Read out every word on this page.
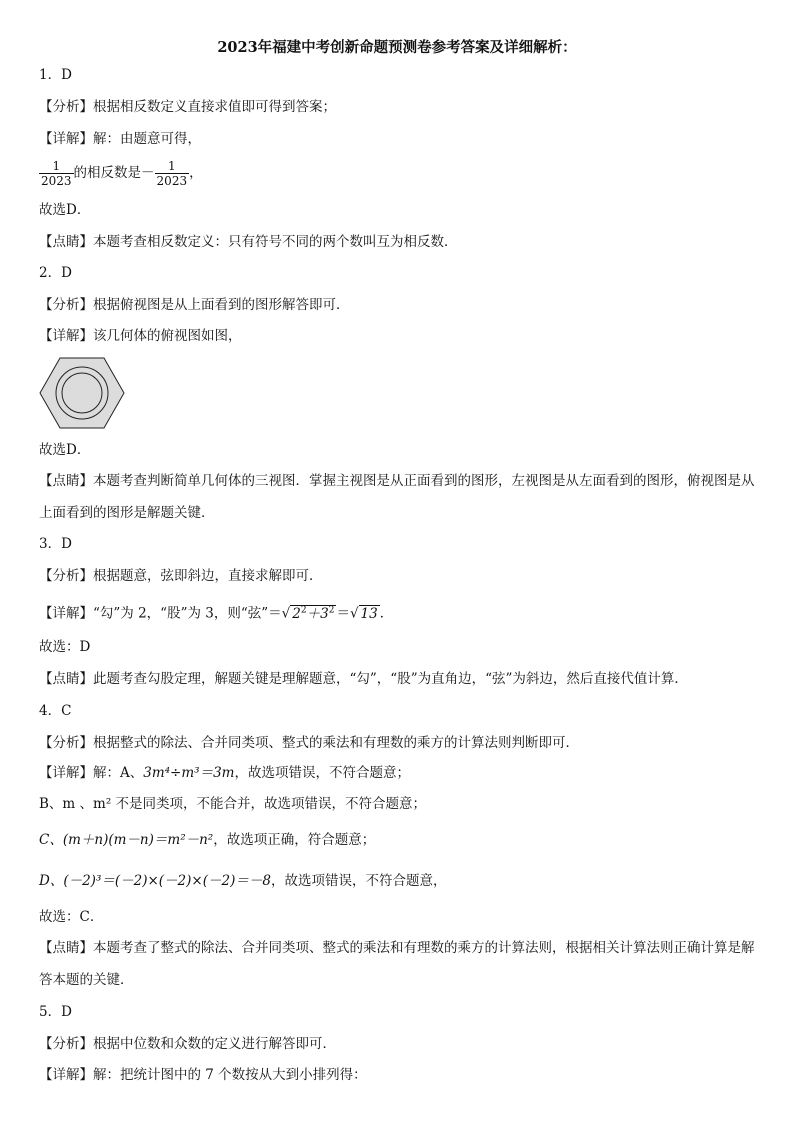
2023年福建中考创新命题预测卷参考答案及详细解析：
1．D
【分析】根据相反数定义直接求值即可得到答案；
【详解】解：由题意可得，
$\frac{1}{2023}$ 的相反数是－ $\frac{1}{2023}$ ，
故选D．
【点睛】本题考查相反数定义：只有符号不同的两个数叫互为相反数．
2．D
【分析】根据俯视图是从上面看到的图形解答即可．
【详解】该几何体的俯视图如图，
故选D．
【点睛】本题考查判断简单几何体的三视图．掌握主视图是从正面看到的图形，左视图是从左面看到的图形，俯视图是从上面看到的图形是解题关键．
3．D
【分析】根据题意，弦即斜边，直接求解即可．
【详解】“勾”为 2，“股”为 3，则“弦”＝√ $2^2+3^2$ ＝√ 13 ．
故选：D
【点睛】此题考查勾股定理，解题关键是理解题意，“勾”，“股”为直角边，“弦”为斜边，然后直接代值计算．
4．C
【分析】根据整式的除法、合并同类项、整式的乘法和有理数的乘方的计算法则判断即可．
【详解】解：A、3m⁴÷m³＝3m，故选项错误，不符合题意；
B、m 、m² 不是同类项，不能合并，故选项错误，不符合题意；
C、(m＋n)(m－n)＝m²－n²，故选项正确，符合题意；
D、(－2)³＝(－2)×(－2)×(－2)＝－8，故选项错误，不符合题意，
故选：C．
【点睛】本题考查了整式的除法、合并同类项、整式的乘法和有理数的乘方的计算法则，根据相关计算法则正确计算是解答本题的关键．
5．D
【分析】根据中位数和众数的定义进行解答即可．
【详解】解：把统计图中的 7 个数按从大到小排列得：
